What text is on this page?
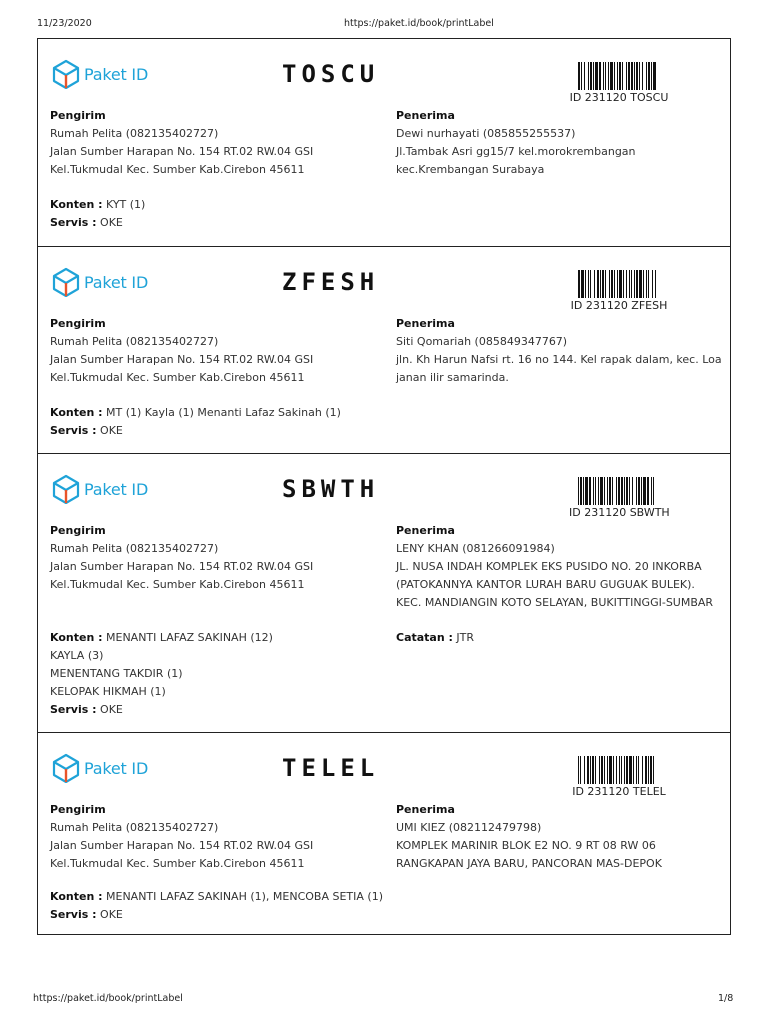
11/23/2020	https://paket.id/book/printLabel
Paket ID	TOSCU
ID 231120 TOSCU
Pengirim
Rumah Pelita (082135402727)
Jalan Sumber Harapan No. 154 RT.02 RW.04 GSI
Kel.Tukmudal Kec. Sumber Kab.Cirebon 45611
Penerima
Dewi nurhayati (085855255537)
Jl.Tambak Asri gg15/7 kel.morokrembangan
kec.Krembangan Surabaya
Konten : KYT (1)
Servis : OKE
Paket ID	ZFESH
ID 231120 ZFESH
Pengirim
Rumah Pelita (082135402727)
Jalan Sumber Harapan No. 154 RT.02 RW.04 GSI
Kel.Tukmudal Kec. Sumber Kab.Cirebon 45611
Penerima
Siti Qomariah (085849347767)
jln. Kh Harun Nafsi rt. 16 no 144. Kel rapak dalam, kec. Loa
janan ilir samarinda.
Konten : MT (1) Kayla (1) Menanti Lafaz Sakinah (1)
Servis : OKE
Paket ID	SBWTH
ID 231120 SBWTH
Pengirim
Rumah Pelita (082135402727)
Jalan Sumber Harapan No. 154 RT.02 RW.04 GSI
Kel.Tukmudal Kec. Sumber Kab.Cirebon 45611
Penerima
LENY KHAN (081266091984)
JL. NUSA INDAH KOMPLEK EKS PUSIDO NO. 20 INKORBA
(PATOKANNYA KANTOR LURAH BARU GUGUAK BULEK).
KEC. MANDIANGIN KOTO SELAYAN, BUKITTINGGI-SUMBAR
Konten : MENANTI LAFAZ SAKINAH (12)
KAYLA (3)
MENENTANG TAKDIR (1)
KELOPAK HIKMAH (1)
Servis : OKE
Catatan : JTR
Paket ID	TELEL
ID 231120 TELEL
Pengirim
Rumah Pelita (082135402727)
Jalan Sumber Harapan No. 154 RT.02 RW.04 GSI
Kel.Tukmudal Kec. Sumber Kab.Cirebon 45611
Penerima
UMI KIEZ (082112479798)
KOMPLEK MARINIR BLOK E2 NO. 9 RT 08 RW 06
RANGKAPAN JAYA BARU, PANCORAN MAS-DEPOK
Konten : MENANTI LAFAZ SAKINAH (1), MENCOBA SETIA (1)
Servis : OKE
https://paket.id/book/printLabel	1/8
